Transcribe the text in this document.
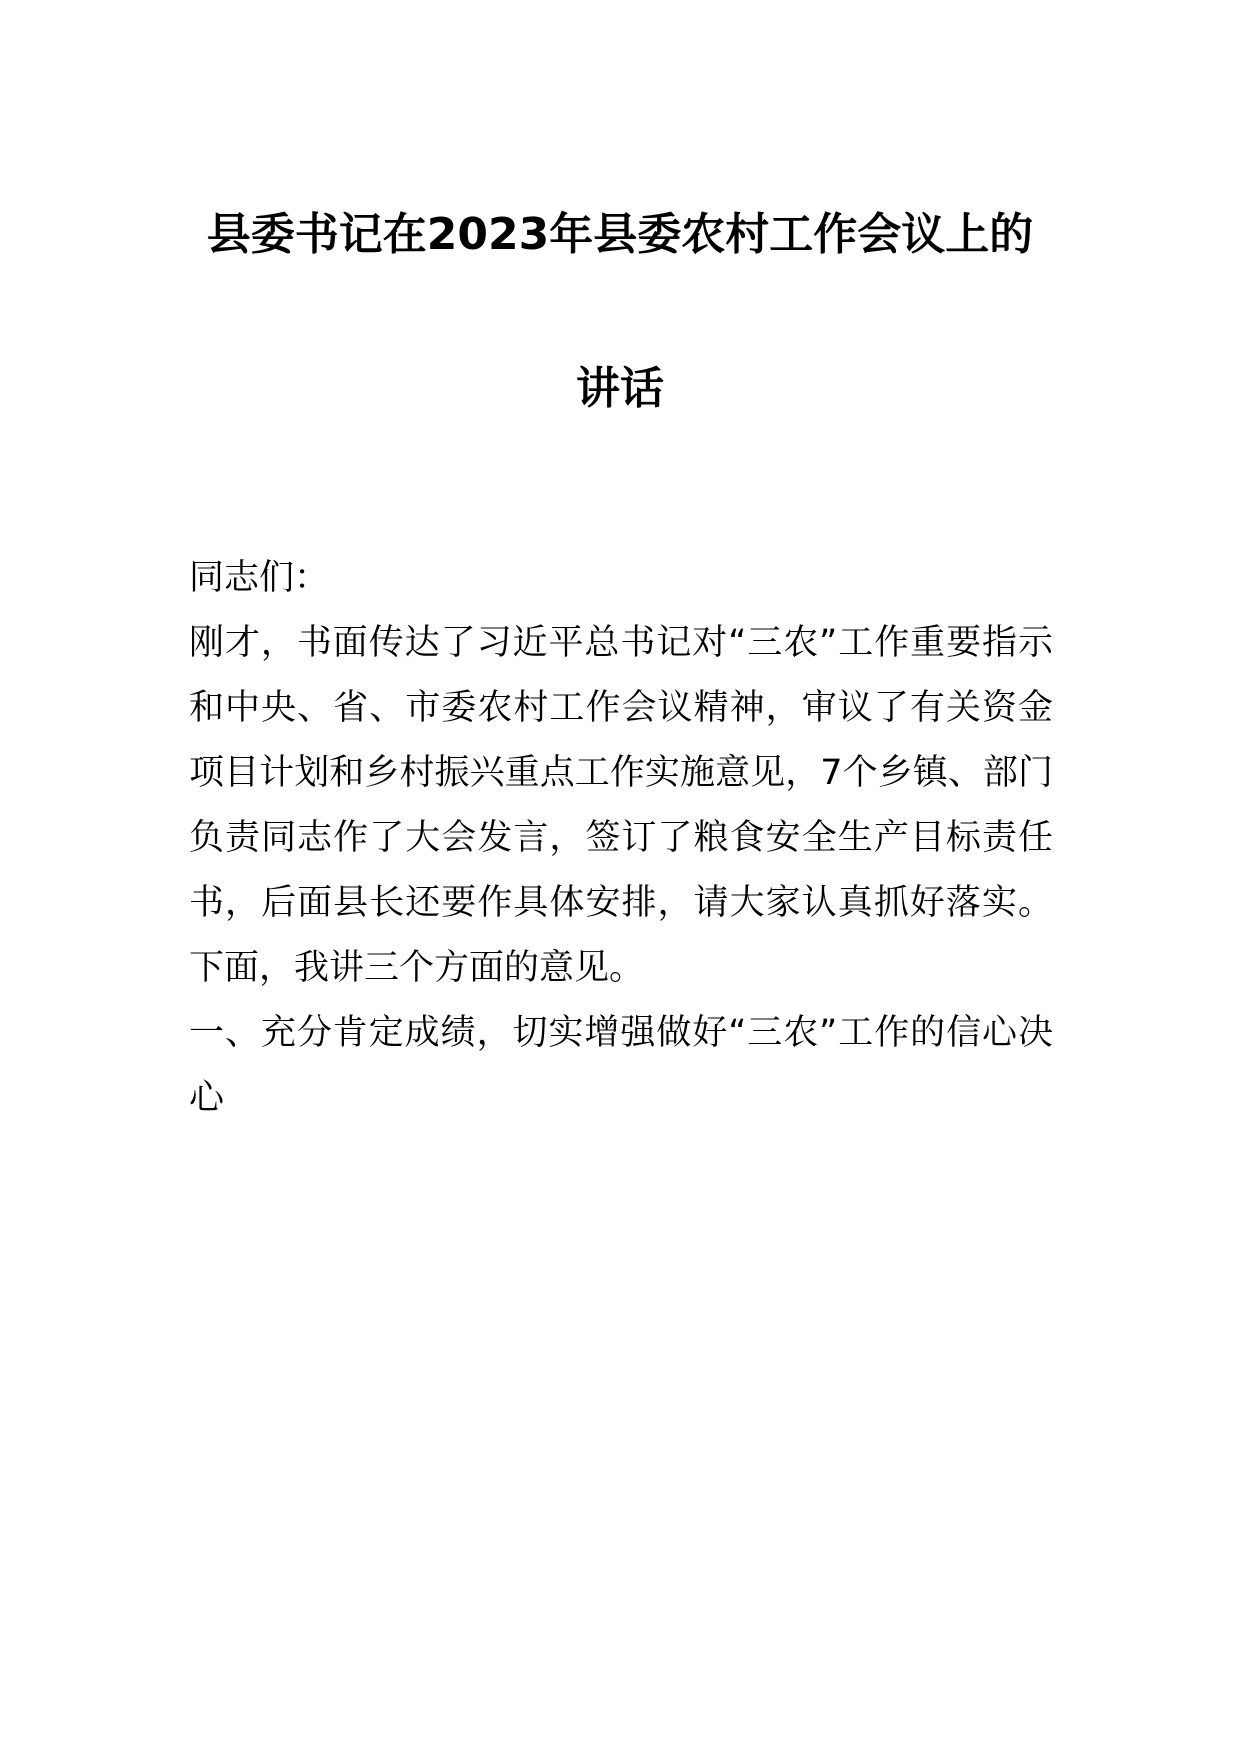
县委书记在2023年县委农村工作会议上的
讲话

同志们：

刚才，书面传达了习近平总书记对“三农”工作重要指示和中央、省、市委农村工作会议精神，审议了有关资金项目计划和乡村振兴重点工作实施意见，7个乡镇、部门负责同志作了大会发言，签订了粮食安全生产目标责任书，后面县长还要作具体安排，请大家认真抓好落实。下面，我讲三个方面的意见。

一、充分肯定成绩，切实增强做好“三农”工作的信心决心
